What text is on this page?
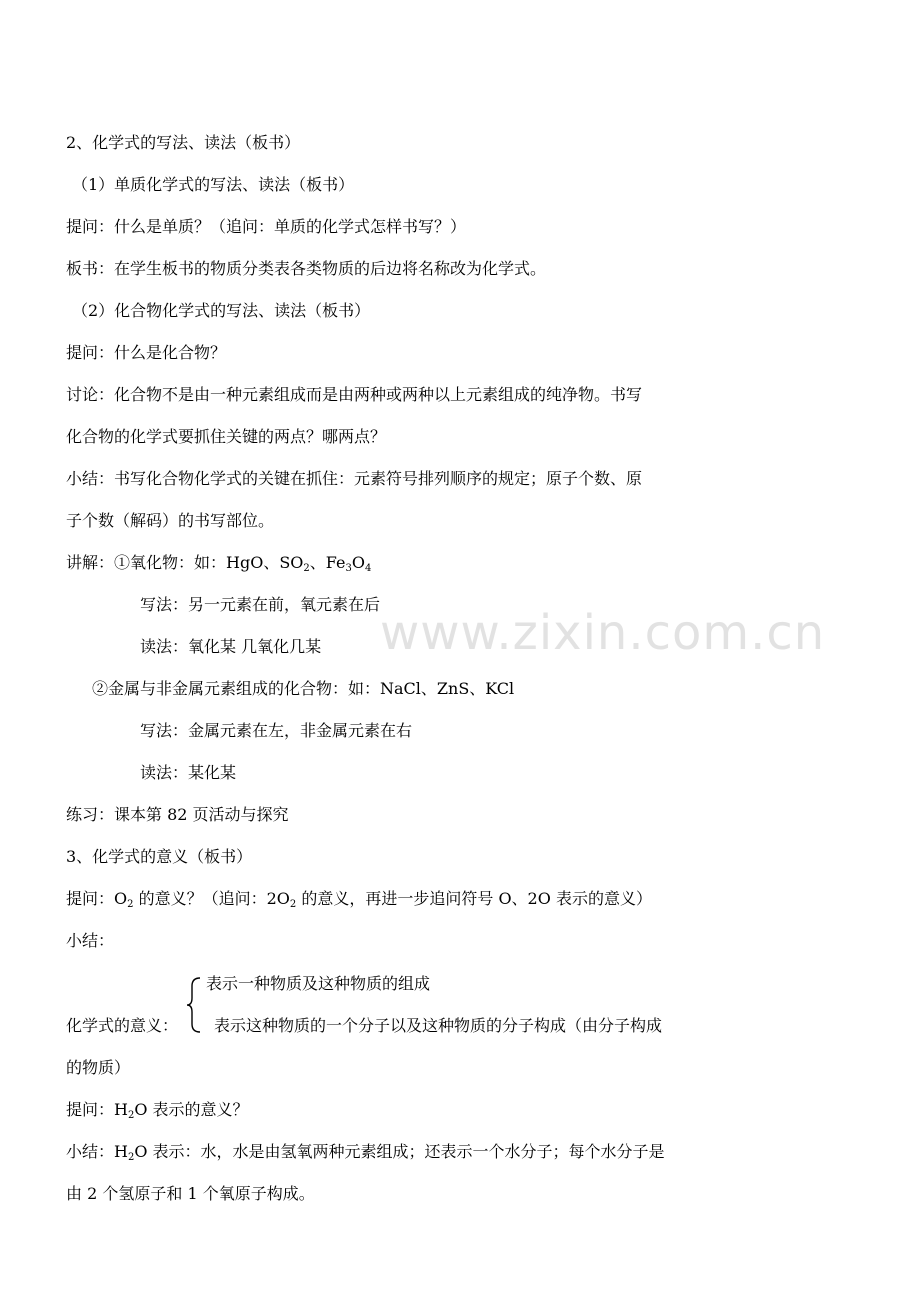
www.zixin.com.cn
2、化学式的写法、读法（板书）
（1）单质化学式的写法、读法（板书）
提问：什么是单质？（追问：单质的化学式怎样书写？）
板书：在学生板书的物质分类表各类物质的后边将名称改为化学式。
（2）化合物化学式的写法、读法（板书）
提问：什么是化合物？
讨论：化合物不是由一种元素组成而是由两种或两种以上元素组成的纯净物。书写
化合物的化学式要抓住关键的两点？哪两点？
小结：书写化合物化学式的关键在抓住：元素符号排列顺序的规定；原子个数、原
子个数（解码）的书写部位。
讲解：①氧化物：如：HgO、$SO_2$、$Fe_3O_4$
写法：另一元素在前，氧元素在后
读法：氧化某 几氧化几某
②金属与非金属元素组成的化合物：如：NaCl、ZnS、KCl
写法：金属元素在左，非金属元素在右
读法：某化某
练习：课本第 82 页活动与探究
3、化学式的意义（板书）
提问：$O_2$ 的意义？（追问：$2O_2$ 的意义，再进一步追问符号 O、2O 表示的意义）
小结：
表示一种物质及这种物质的组成
化学式的意义： 表示这种物质的一个分子以及这种物质的分子构成（由分子构成
的物质）
提问：$H_2O$ 表示的意义？
小结：$H_2O$ 表示：水，水是由氢氧两种元素组成；还表示一个水分子；每个水分子是
由 2 个氢原子和 1 个氧原子构成。
